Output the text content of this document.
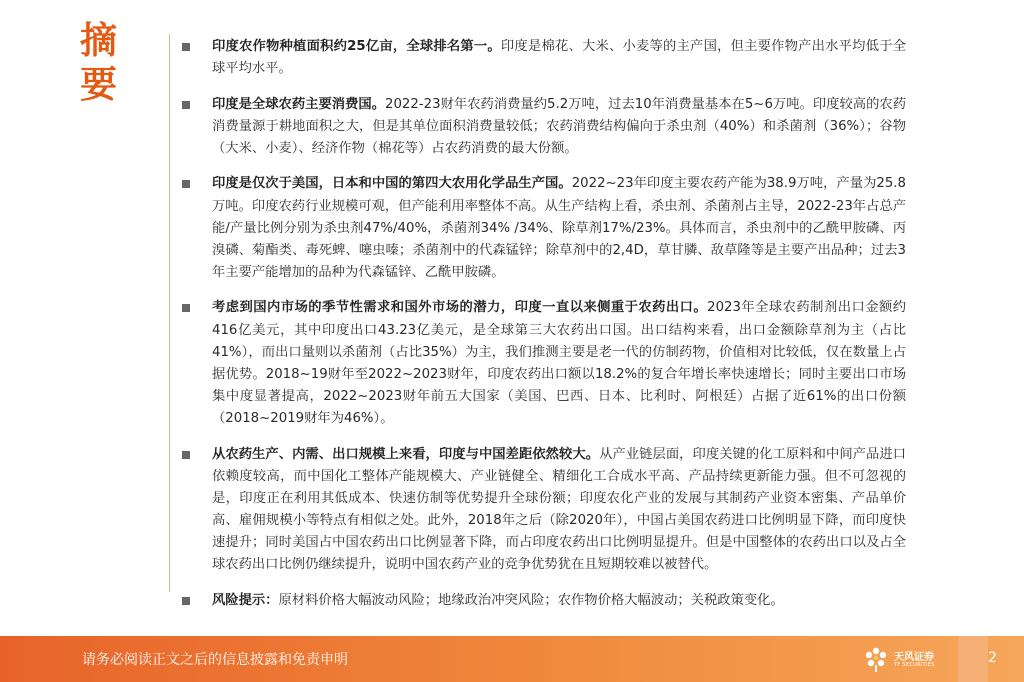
摘
要
印度农作物种植面积约25亿亩，全球排名第一。印度是棉花、大米、小麦等的主产国，但主要作物产出水平均低于全球平均水平。
印度是全球农药主要消费国。2022-23财年农药消费量约5.2万吨，过去10年消费量基本在5~6万吨。印度较高的农药消费量源于耕地面积之大，但是其单位面积消费量较低；农药消费结构偏向于杀虫剂（40%）和杀菌剂（36%）；谷物（大米、小麦）、经济作物（棉花等）占农药消费的最大份额。
印度是仅次于美国，日本和中国的第四大农用化学品生产国。2022~23年印度主要农药产能为38.9万吨，产量为25.8万吨。印度农药行业规模可观，但产能利用率整体不高。从生产结构上看，杀虫剂、杀菌剂占主导，2022-23年占总产能/产量比例分别为杀虫剂47%/40%，杀菌剂34% /34%、除草剂17%/23%。具体而言，杀虫剂中的乙酰甲胺磷、丙溴磷、菊酯类、毒死蜱、噻虫嗪；杀菌剂中的代森锰锌；除草剂中的2,4D，草甘膦、敌草隆等是主要产出品种；过去3年主要产能增加的品种为代森锰锌、乙酰甲胺磷。
考虑到国内市场的季节性需求和国外市场的潜力，印度一直以来侧重于农药出口。2023年全球农药制剂出口金额约416亿美元，其中印度出口43.23亿美元，是全球第三大农药出口国。出口结构来看，出口金额除草剂为主（占比41%），而出口量则以杀菌剂（占比35%）为主，我们推测主要是老一代的仿制药物，价值相对比较低，仅在数量上占据优势。2018~19财年至2022~2023财年，印度农药出口额以18.2%的复合年增长率快速增长；同时主要出口市场集中度显著提高，2022~2023财年前五大国家（美国、巴西、日本、比利时、阿根廷）占据了近61%的出口份额（2018~2019财年为46%）。
从农药生产、内需、出口规模上来看，印度与中国差距依然较大。从产业链层面，印度关键的化工原料和中间产品进口依赖度较高，而中国化工整体产能规模大、产业链健全、精细化工合成水平高、产品持续更新能力强。但不可忽视的是，印度正在利用其低成本、快速仿制等优势提升全球份额；印度农化产业的发展与其制药产业资本密集、产品单价高、雇佣规模小等特点有相似之处。此外，2018年之后（除2020年），中国占美国农药进口比例明显下降，而印度快速提升；同时美国占中国农药出口比例显著下降，而占印度农药出口比例明显提升。但是中国整体的农药出口以及占全球农药出口比例仍继续提升，说明中国农药产业的竞争优势犹在且短期较难以被替代。
风险提示：原材料价格大幅波动风险；地缘政治冲突风险；农作物价格大幅波动；关税政策变化。
请务必阅读正文之后的信息披露和免责申明	天风证券
TF SECURITIES	2
